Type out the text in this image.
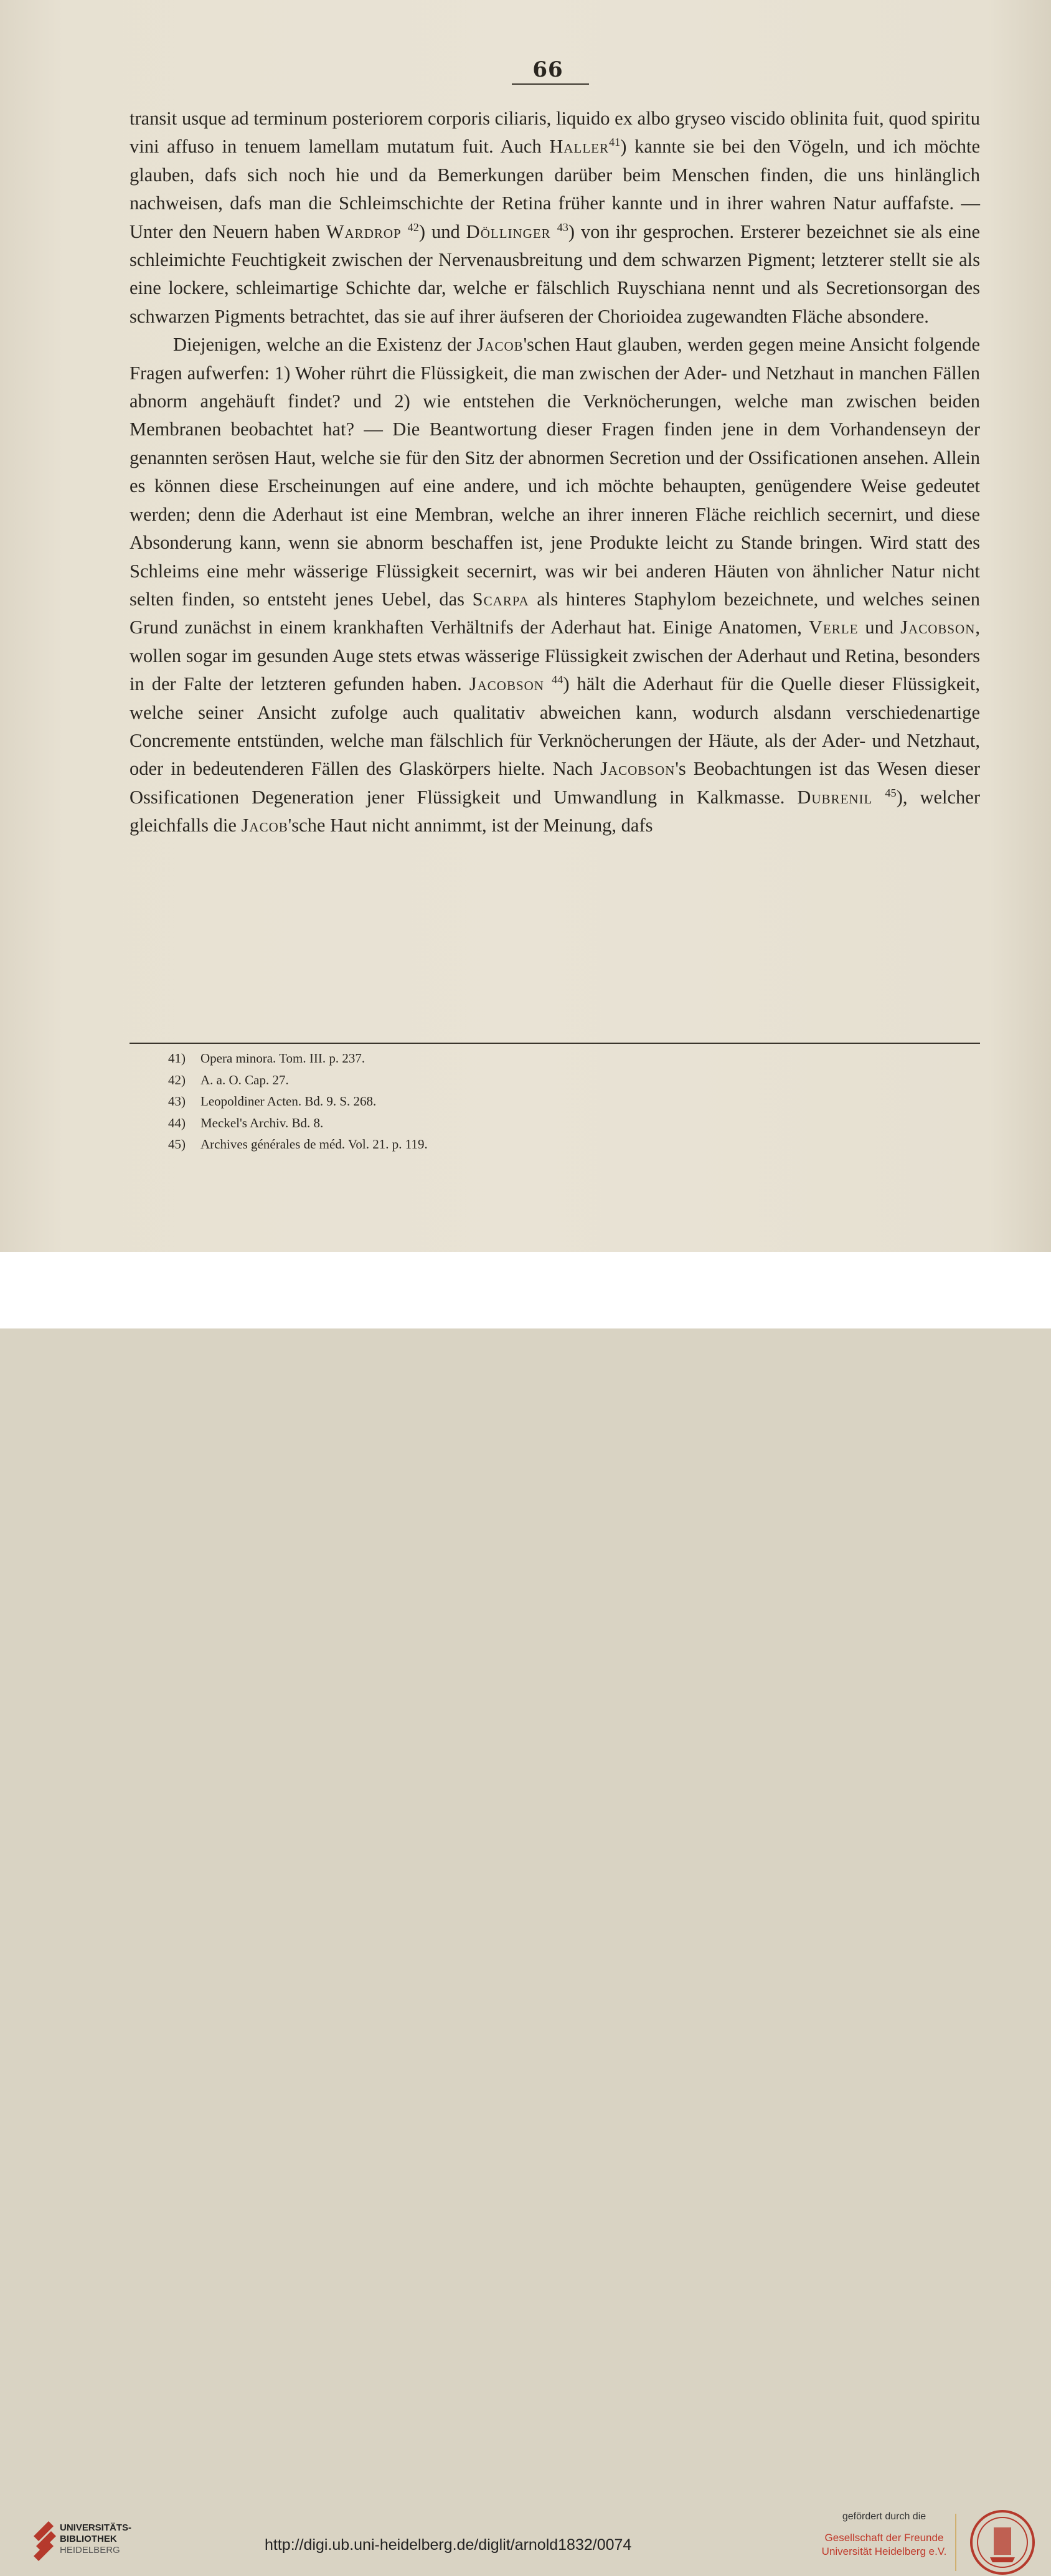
66

transit usque ad terminum posteriorem corporis ciliaris, liquido ex albo gryseo viscido oblinita fuit, quod spiritu vini affuso in tenuem lamellam mutatum fuit. Auch Haller$^{41}$) kannte sie bei den Vögeln, und ich möchte glauben, dafs sich noch hie und da Bemerkungen darüber beim Menschen finden, die uns hinlänglich nachweisen, dafs man die Schleimschichte der Retina früher kannte und in ihrer wahren Natur auffafste. — Unter den Neuern haben Wardrop $^{42}$) und Döllinger $^{43}$) von ihr gesprochen. Ersterer bezeichnet sie als eine schleimichte Feuchtigkeit zwischen der Nervenausbreitung und dem schwarzen Pigment; letzterer stellt sie als eine lockere, schleimartige Schichte dar, welche er fälschlich Ruyschiana nennt und als Secretionsorgan des schwarzen Pigments betrachtet, das sie auf ihrer äufseren der Chorioidea zugewandten Fläche absondere.

Diejenigen, welche an die Existenz der Jacob'schen Haut glauben, werden gegen meine Ansicht folgende Fragen aufwerfen: 1) Woher rührt die Flüssigkeit, die man zwischen der Ader- und Netzhaut in manchen Fällen abnorm angehäuft findet? und 2) wie entstehen die Verknöcherungen, welche man zwischen beiden Membranen beobachtet hat? — Die Beantwortung dieser Fragen finden jene in dem Vorhandenseyn der genannten serösen Haut, welche sie für den Sitz der abnormen Secretion und der Ossificationen ansehen. Allein es können diese Erscheinungen auf eine andere, und ich möchte behaupten, genügendere Weise gedeutet werden; denn die Aderhaut ist eine Membran, welche an ihrer inneren Fläche reichlich secernirt, und diese Absonderung kann, wenn sie abnorm beschaffen ist, jene Produkte leicht zu Stande bringen. Wird statt des Schleims eine mehr wässerige Flüssigkeit secernirt, was wir bei anderen Häuten von ähnlicher Natur nicht selten finden, so entsteht jenes Uebel, das Scarpa als hinteres Staphylom bezeichnete, und welches seinen Grund zunächst in einem krankhaften Verhältnifs der Aderhaut hat. Einige Anatomen, Verle und Jacobson, wollen sogar im gesunden Auge stets etwas wässerige Flüssigkeit zwischen der Aderhaut und Retina, besonders in der Falte der letzteren gefunden haben. Jacobson $^{44}$) hält die Aderhaut für die Quelle dieser Flüssigkeit, welche seiner Ansicht zufolge auch qualitativ abweichen kann, wodurch alsdann verschiedenartige Concremente entstünden, welche man fälschlich für Verknöcherungen der Häute, als der Ader- und Netzhaut, oder in bedeutenderen Fällen des Glaskörpers hielte. Nach Jacobson's Beobachtungen ist das Wesen dieser Ossificationen Degeneration jener Flüssigkeit und Umwandlung in Kalkmasse. Dubrenil $^{45}$), welcher gleichfalls die Jacob'sche Haut nicht annimmt, ist der Meinung, dafs

41)	Opera minora. Tom. III. p. 237.
42)	A. a. O. Cap. 27.
43)	Leopoldiner Acten. Bd. 9. S. 268.
44)	Meckel's Archiv. Bd. 8.
45)	Archives générales de méd. Vol. 21. p. 119.
UNIVERSITÄTS-
BIBLIOTHEK
HEIDELBERG	http://digi.ub.uni-heidelberg.de/diglit/arnold1832/0074
gefördert durch die
Gesellschaft der Freunde
Universität Heidelberg e.V.
